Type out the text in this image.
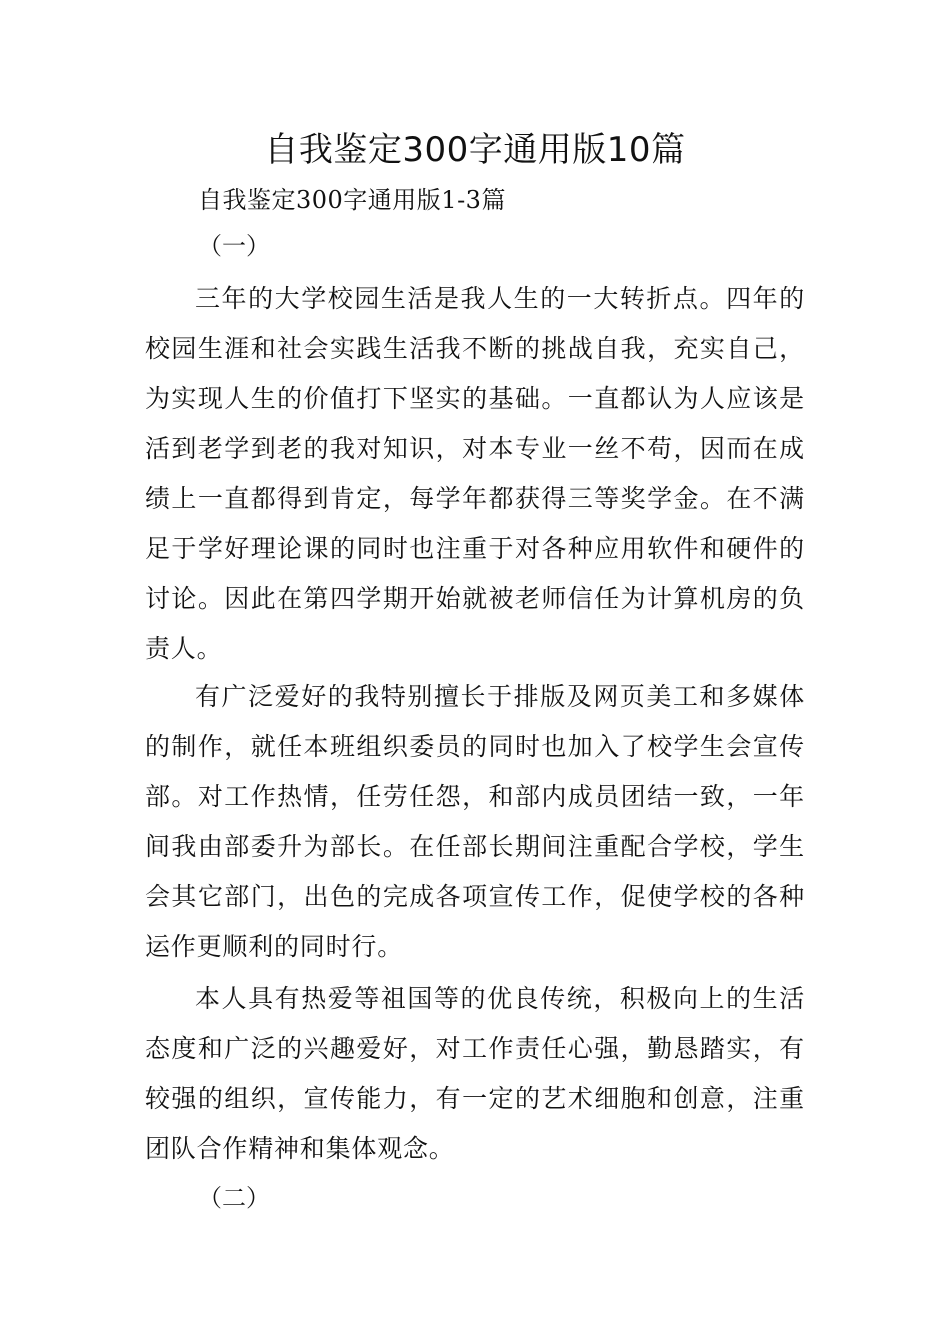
自我鉴定300字通用版10篇
自我鉴定300字通用版1-3篇
（一）

三年的大学校园生活是我人生的一大转折点。四年的校园生涯和社会实践生活我不断的挑战自我，充实自己，为实现人生的价值打下坚实的基础。一直都认为人应该是活到老学到老的我对知识，对本专业一丝不苟，因而在成绩上一直都得到肯定，每学年都获得三等奖学金。在不满足于学好理论课的同时也注重于对各种应用软件和硬件的讨论。因此在第四学期开始就被老师信任为计算机房的负责人。

有广泛爱好的我特别擅长于排版及网页美工和多媒体的制作，就任本班组织委员的同时也加入了校学生会宣传部。对工作热情，任劳任怨，和部内成员团结一致，一年间我由部委升为部长。在任部长期间注重配合学校，学生会其它部门，出色的完成各项宣传工作，促使学校的各种运作更顺利的同时行。

本人具有热爱等祖国等的优良传统，积极向上的生活态度和广泛的兴趣爱好，对工作责任心强，勤恳踏实，有较强的组织，宣传能力，有一定的艺术细胞和创意，注重团队合作精神和集体观念。

（二）
